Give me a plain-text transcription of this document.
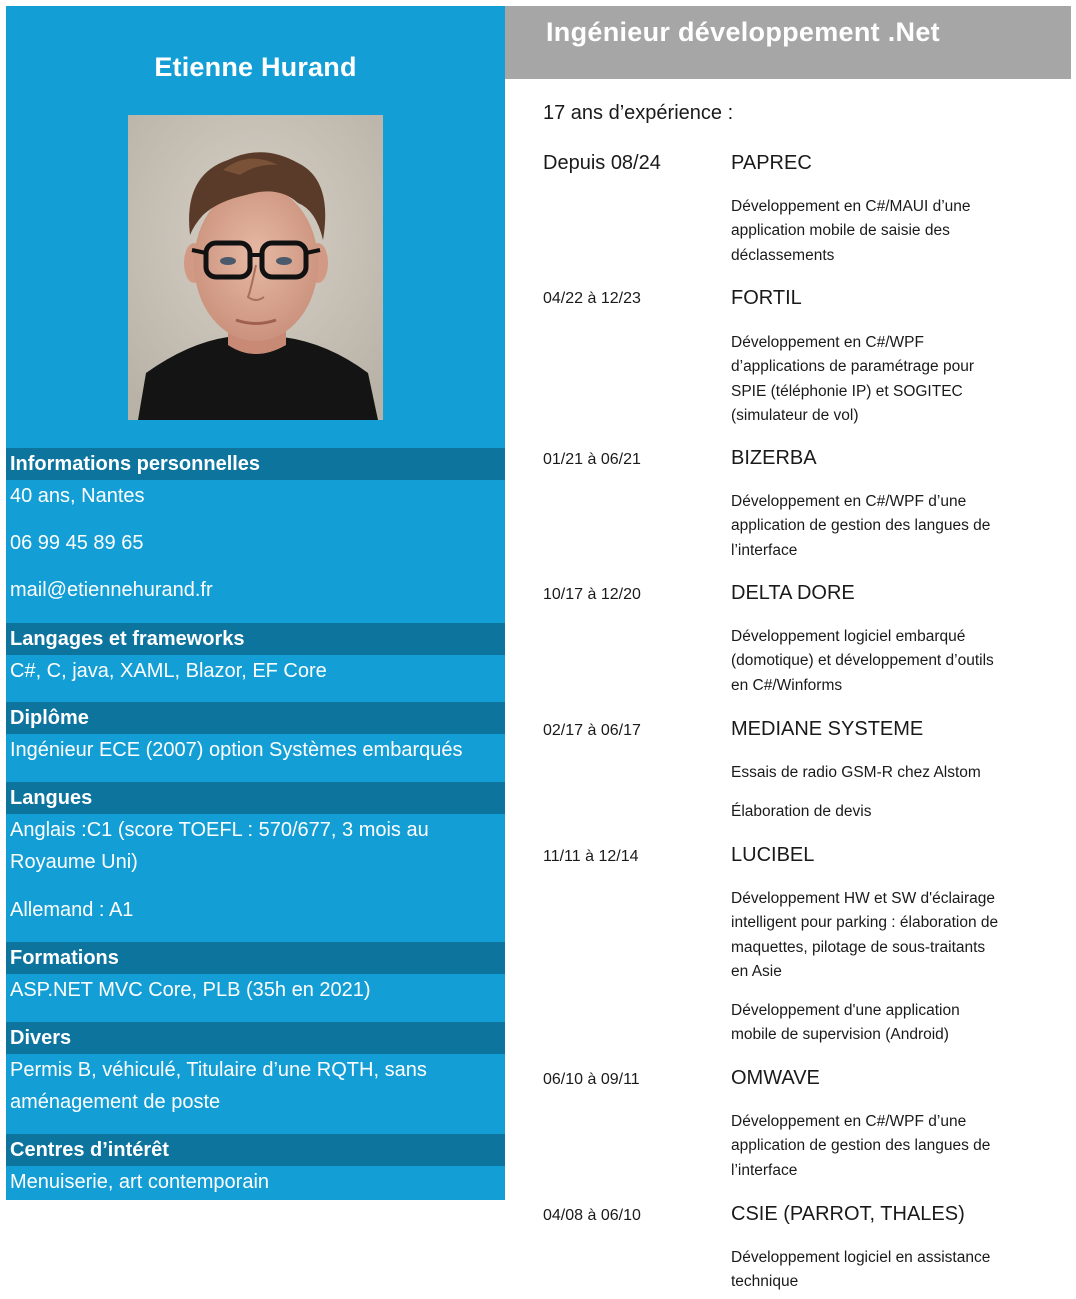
Etienne Hurand
Informations personnelles
40 ans, Nantes
06 99 45 89 65
mail@etiennehurand.fr
Langages et frameworks
C#, C, java, XAML, Blazor, EF Core
Diplôme
Ingénieur ECE (2007) option Systèmes embarqués
Langues
Anglais :C1 (score TOEFL : 570/677, 3 mois au
Royaume Uni)
Allemand : A1
Formations
ASP.NET MVC Core, PLB (35h en 2021)
Divers
Permis B, véhiculé, Titulaire d’une RQTH, sans
aménagement de poste
Centres d’intérêt
Menuiserie, art contemporain
Ingénieur développement .Net
17 ans d’expérience :
Depuis 08/24	PAPREC
Développement en C#/MAUI d’une application mobile de saisie des déclassements
04/22 à 12/23	FORTIL
Développement en C#/WPF d’applications de paramétrage pour SPIE (téléphonie IP) et SOGITEC (simulateur de vol)
01/21 à 06/21	BIZERBA
Développement en C#/WPF d’une application de gestion des langues de l’interface
10/17 à 12/20	DELTA DORE
Développement logiciel embarqué (domotique) et développement d’outils en C#/Winforms
02/17 à 06/17	MEDIANE SYSTEME
Essais de radio GSM-R chez Alstom
Élaboration de devis
11/11 à 12/14	LUCIBEL
Développement HW et SW d'éclairage intelligent pour parking : élaboration de maquettes, pilotage de sous-traitants en Asie
Développement d'une application mobile de supervision (Android)
06/10 à 09/11	OMWAVE
Développement en C#/WPF d’une application de gestion des langues de l’interface
04/08 à 06/10	CSIE (PARROT, THALES)
Développement logiciel en assistance technique
